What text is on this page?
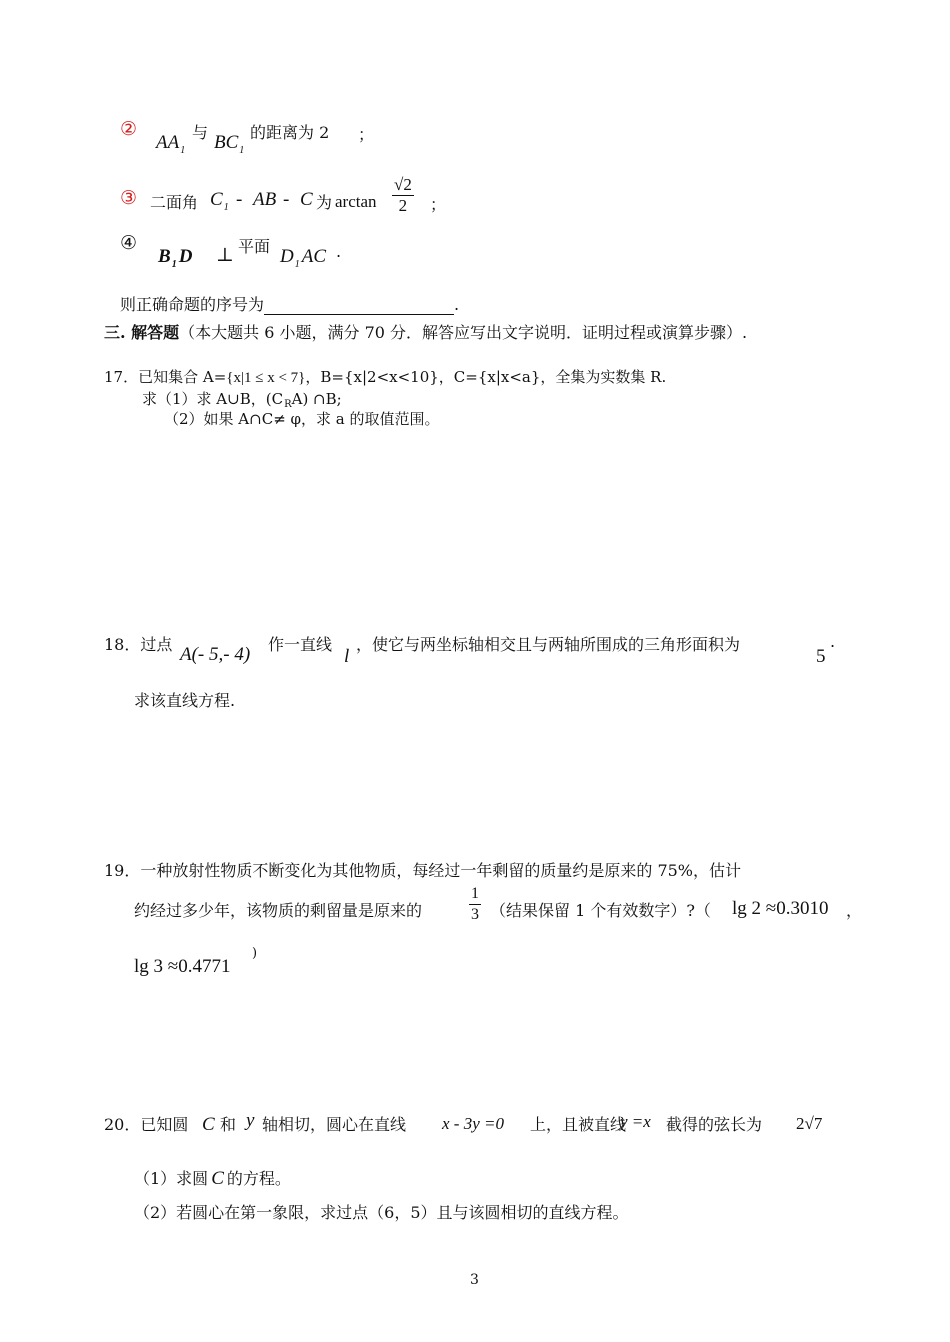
②
$AA_1$
与 $BC_1$
的距离为 2 ；
③ 二面角 $C_1$ - AB - C 为 $\arctan \frac{√2}{2}$ ；
④
$B_1$ D ⊥ 平面 $D_1$ AC .
则正确命题的序号为	.
三. 解答题（本大题共 6 小题，满分 70 分．解答应写出文字说明．证明过程或演算步骤）.
17．已知集合 A={x|1 ≤ x < 7}，B={x|2<x<10}，C={x|x<a}，全集为实数集 R.
求（1）求 A∪B，$(C_RA)$ ∩B;
（2）如果 A∩C≠ φ，求 a 的取值范围。
18．过点 A(- 5,- 4) 作一直线
l
，使它与两坐标轴相交且与两轴所围成的三角形面积为
5
.
求该直线方程.
19．一种放射性物质不断变化为其他物质，每经过一年剩留的质量约是原来的 75%，估计
约经过多少年，该物质的剩留量是原来的	$\frac{1}{3}$ （结果保留 1 个有效数字）?（ lg 2 ≈0.3010 ，
lg 3 ≈0.4771
)
20．已知圆 C 和 y 轴相切，圆心在直线 x - 3y =0 上，且被直线
y =x 截得的弦长为 2√7
（1）求圆 C 的方程。
（2）若圆心在第一象限，求过点（6，5）且与该圆相切的直线方程。
3
